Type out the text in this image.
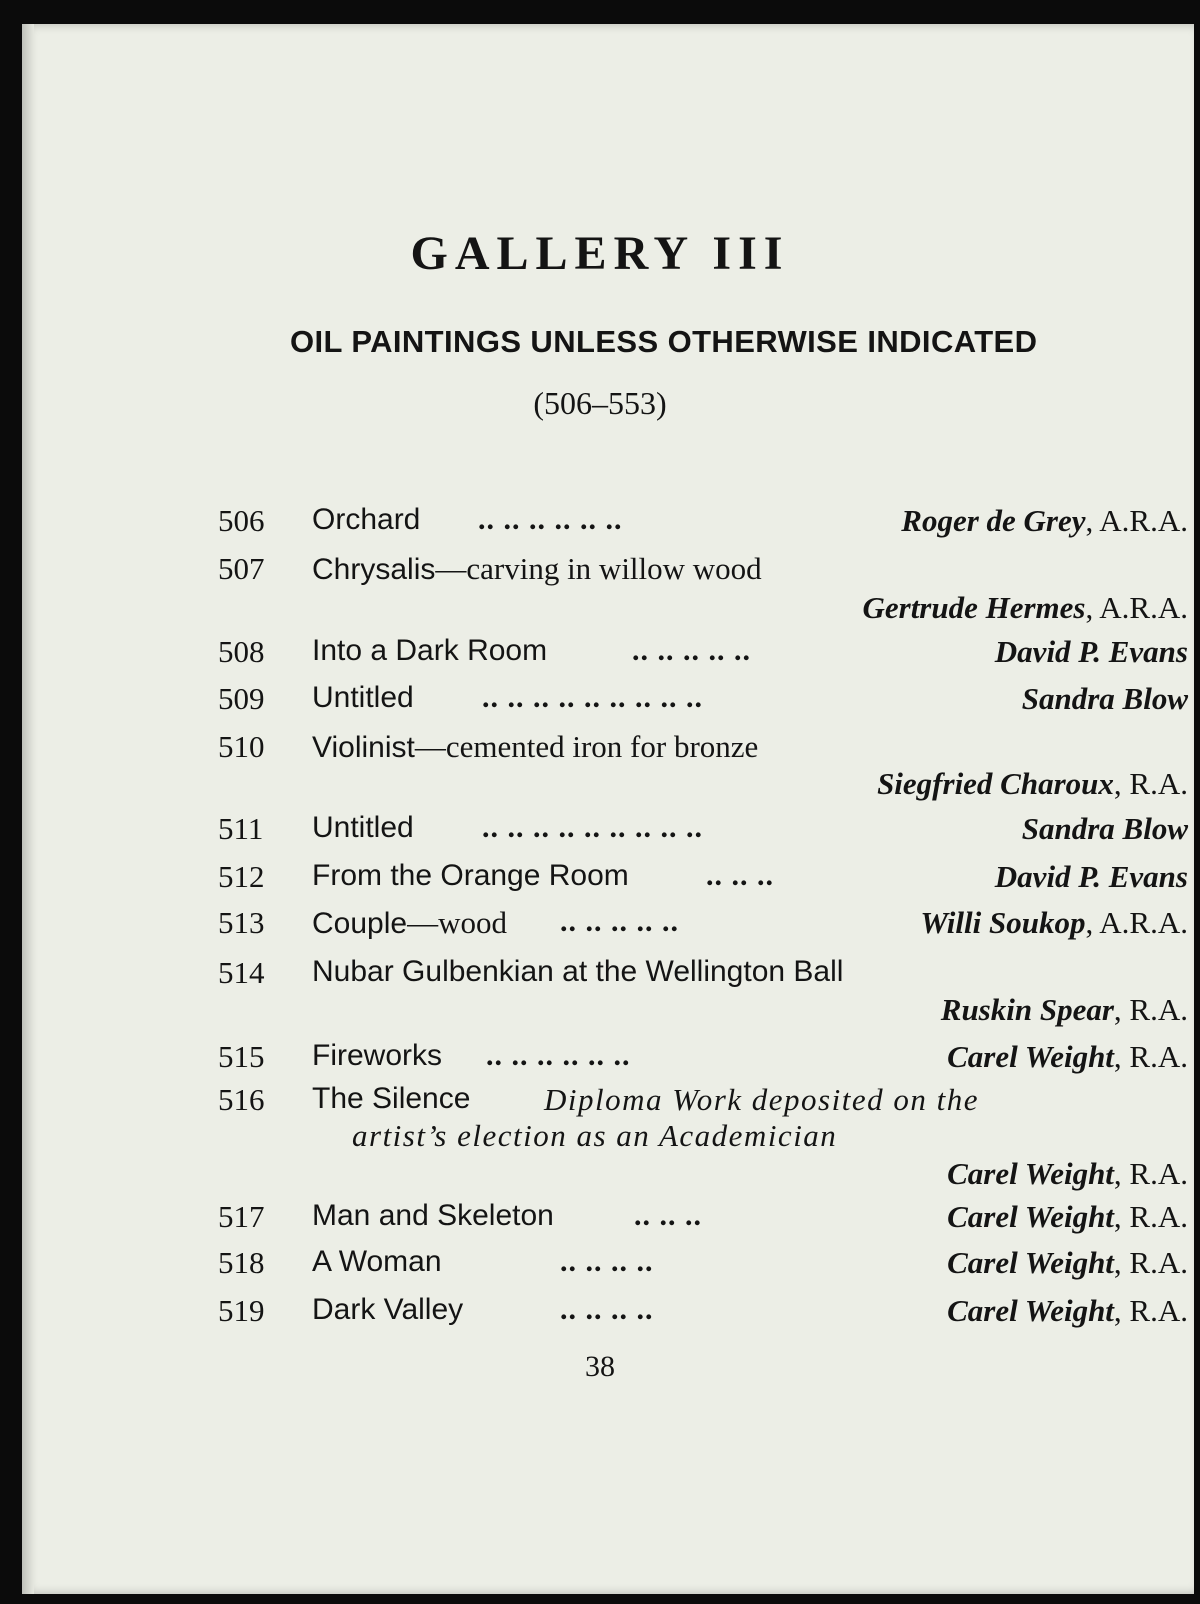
GALLERY III
OIL PAINTINGS UNLESS OTHERWISE INDICATED
(506–553)
506 Orchard .. .. .. .. .. ..	Roger de Grey, A.R.A.
507 Chrysalis—carving in willow wood
Gertrude Hermes, A.R.A.
508 Into a Dark Room	.. .. .. .. ..	David P. Evans
509 Untitled .. .. .. .. .. .. .. .. ..	Sandra Blow
510 Violinist—cemented iron for bronze
Siegfried Charoux, R.A.
511 Untitled .. .. .. .. .. .. .. .. ..	Sandra Blow
512 From the Orange Room	.. .. ..	David P. Evans
513 Couple—wood .. .. .. .. ..	Willi Soukop, A.R.A.
514 Nubar Gulbenkian at the Wellington Ball
Ruskin Spear, R.A.
515 Fireworks .. .. .. .. .. ..	Carel Weight, R.A.
516 The Silence Diploma Work deposited on the
artist’s election as an Academician
Carel Weight, R.A.
517 Man and Skeleton	.. .. ..	Carel Weight, R.A.
518 A Woman	.. .. .. ..	Carel Weight, R.A.
519 Dark Valley	.. .. .. ..	Carel Weight, R.A.
38
